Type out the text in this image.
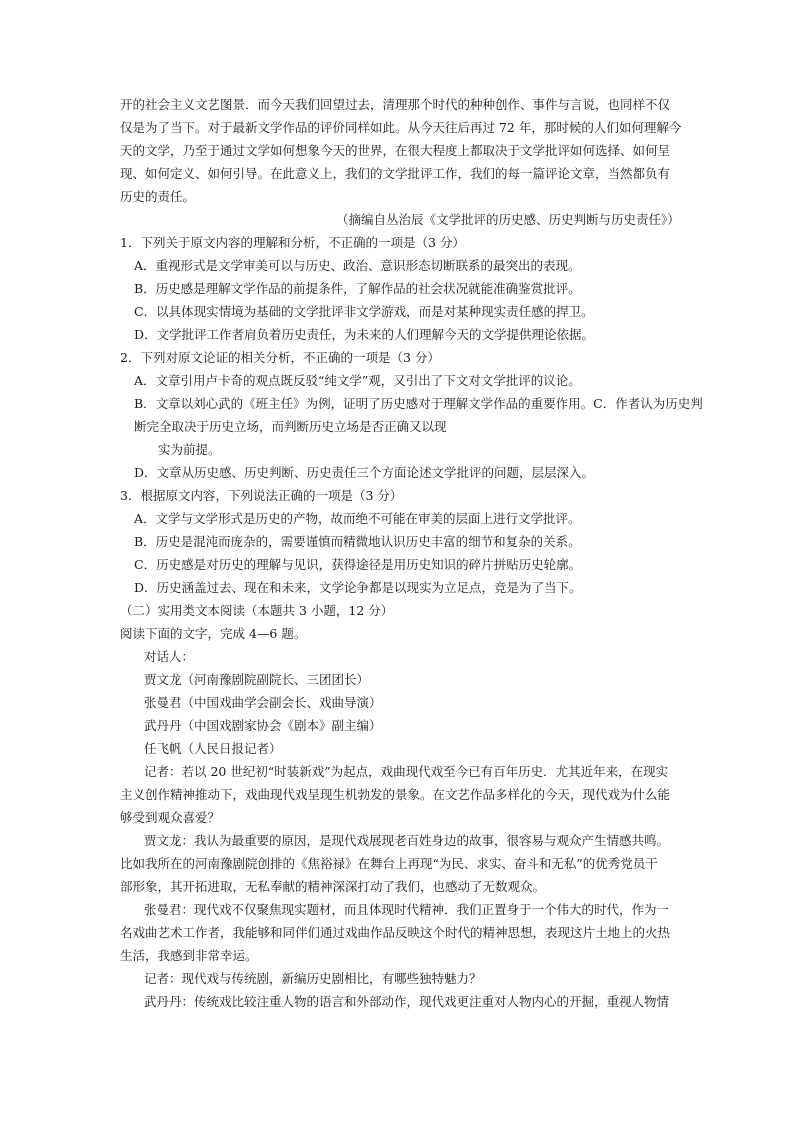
开的社会主义文艺图景．而今天我们回望过去，清理那个时代的种种创作、事件与言说，也同样不仅
仅是为了当下。对于最新文学作品的评价同样如此。从今天往后再过 72 年，那时候的人们如何理解今
天的文学，乃至于通过文学如何想象今天的世界，在很大程度上都取决于文学批评如何选择、如何呈
现、如何定义、如何引导。在此意义上，我们的文学批评工作，我们的每一篇评论文章，当然都负有
历史的责任。
（摘编自丛治辰《文学批评的历史感、历史判断与历史责任》）
1．下列关于原文内容的理解和分析，不正确的一项是（3 分）
A．重视形式是文学审美可以与历史、政治、意识形态切断联系的最突出的表现。
B．历史感是理解文学作品的前提条件，了解作品的社会状况就能准确鉴赏批评。
C．以具体现实情境为基础的文学批评非文学游戏，而是对某种现实责任感的捍卫。
D．文学批评工作者肩负着历史责任，为未来的人们理解今天的文学提供理论依据。
2．下列对原文论证的相关分析，不正确的一项是（3 分）
A．文章引用卢卡奇的观点既反驳“纯文学”观，又引出了下文对文学批评的议论。
B．文章以刘心武的《班主任》为例，证明了历史感对于理解文学作品的重要作用。C．作者认为历史判
断完全取决于历史立场，而判断历史立场是否正确又以现
实为前提。
D．文章从历史感、历史判断、历史责任三个方面论述文学批评的问题，层层深入。
3．根据原文内容，下列说法正确的一项是（3 分）
A．文学与文学形式是历史的产物，故而绝不可能在审美的层面上进行文学批评。
B．历史是混沌而庞杂的，需要谨慎而精微地认识历史丰富的细节和复杂的关系。
C．历史感是对历史的理解与见识，获得途径是用历史知识的碎片拼贴历史轮廓。
D．历史涵盖过去、现在和未来，文学论争都是以现实为立足点，竞是为了当下。
（二）实用类文本阅读（本题共 3 小题，12 分）
阅读下面的文字，完成 4—6 题。
对话人：
贾文龙（河南豫剧院副院长、三团团长）
张曼君（中国戏曲学会副会长、戏曲导演）
武丹丹（中国戏剧家协会《剧本》副主编）
任飞帆（人民日报记者）
记者：若以 20 世纪初“时装新戏”为起点，戏曲现代戏至今已有百年历史．尤其近年来，在现实
主义创作精神推动下，戏曲现代戏呈现生机勃发的景象。在文艺作品多样化的今天，现代戏为什么能
够受到观众喜爱？
贾文龙：我认为最重要的原因，是现代戏展现老百姓身边的故事，很容易与观众产生情感共鸣。
比如我所在的河南豫剧院创排的《焦裕禄》在舞台上再现“为民、求实、奋斗和无私”的优秀党员干
部形象，其开拓进取，无私奉献的精神深深打动了我们，也感动了无数观众。
张曼君：现代戏不仅聚焦现实题材，而且体现时代精神．我们正置身于一个伟大的时代，作为一
名戏曲艺术工作者，我能够和同伴们通过戏曲作品反映这个时代的精神思想，表现这片土地上的火热
生活，我感到非常幸运。
记者：现代戏与传统剧，新编历史剧相比，有哪些独特魅力？
武丹丹：传统戏比较注重人物的语言和外部动作，现代戏更注重对人物内心的开掘，重视人物情
